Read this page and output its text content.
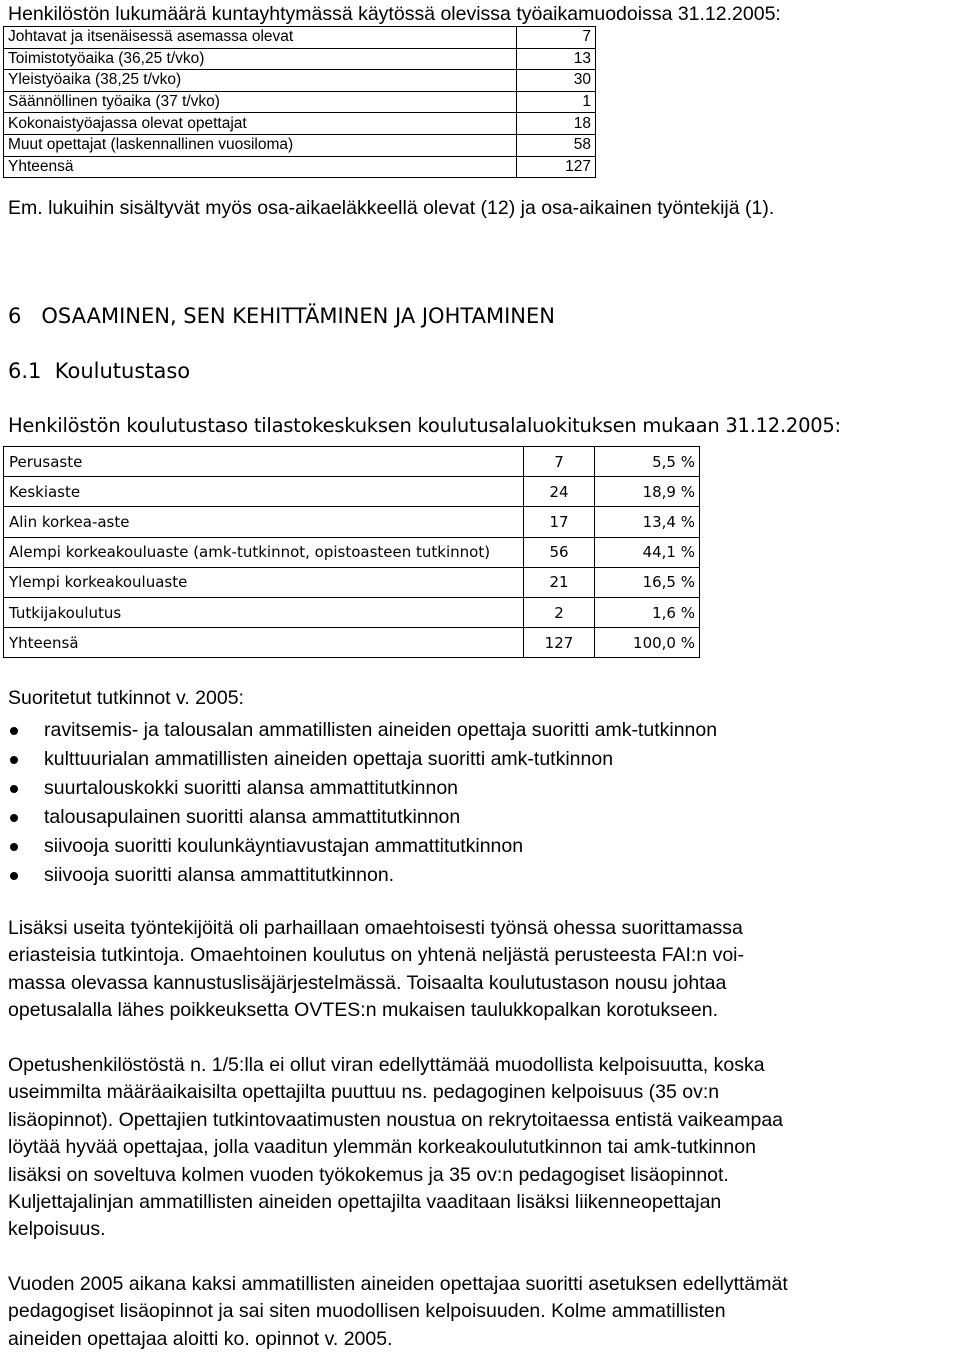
Henkilöstön lukumäärä kuntayhtymässä käytössä olevissa työaikamuodoissa 31.12.2005:

Johtavat ja itsenäisessä asemassa olevat	7
Toimistotyöaika (36,25 t/vko)	13
Yleistyöaika (38,25 t/vko)	30
Säännöllinen työaika (37 t/vko)	1
Kokonaistyöajassa olevat opettajat	18
Muut opettajat (laskennallinen vuosiloma)	58
Yhteensä	127

Em. lukuihin sisältyvät myös osa-aikaeläkkeellä olevat (12) ja osa-aikainen työntekijä (1).

6   OSAAMINEN, SEN KEHITTÄMINEN JA JOHTAMINEN

6.1  Koulutustaso

Henkilöstön koulutustaso tilastokeskuksen koulutusalaluokituksen mukaan 31.12.2005:

Perusaste	7	5,5 %
Keskiaste	24	18,9 %
Alin korkea-aste	17	13,4 %
Alempi korkeakouluaste (amk-tutkinnot, opistoasteen tutkinnot)	56	44,1 %
Ylempi korkeakouluaste	21	16,5 %
Tutkijakoulutus	2	1,6 %
Yhteensä	127	100,0 %

Suoritetut tutkinnot v. 2005:

ravitsemis- ja talousalan ammatillisten aineiden opettaja suoritti amk-tutkinnon
kulttuurialan ammatillisten aineiden opettaja suoritti amk-tutkinnon
suurtalouskokki suoritti alansa ammattitutkinnon
talousapulainen suoritti alansa ammattitutkinnon
siivooja suoritti koulunkäyntiavustajan ammattitutkinnon
siivooja suoritti alansa ammattitutkinnon.
Lisäksi useita työntekijöitä oli parhaillaan omaehtoisesti työnsä ohessa suorittamassa
eriasteisia tutkintoja. Omaehtoinen koulutus on yhtenä neljästä perusteesta FAI:n voi-
massa olevassa kannustuslisäjärjestelmässä. Toisaalta koulutustason nousu johtaa
opetusalalla lähes poikkeuksetta OVTES:n mukaisen taulukkopalkan korotukseen.
Opetushenkilöstöstä n. 1/5:lla ei ollut viran edellyttämää muodollista kelpoisuutta, koska
useimmilta määräaikaisilta opettajilta puuttuu ns. pedagoginen kelpoisuus (35 ov:n
lisäopinnot). Opettajien tutkintovaatimusten noustua on rekrytoitaessa entistä vaikeampaa
löytää hyvää opettajaa, jolla vaaditun ylemmän korkeakoulututkinnon tai amk-tutkinnon
lisäksi on soveltuva kolmen vuoden työkokemus ja 35 ov:n pedagogiset lisäopinnot.
Kuljettajalinjan ammatillisten aineiden opettajilta vaaditaan lisäksi liikenneopettajan
kelpoisuus.
Vuoden 2005 aikana kaksi ammatillisten aineiden opettajaa suoritti asetuksen edellyttämät
pedagogiset lisäopinnot ja sai siten muodollisen kelpoisuuden. Kolme ammatillisten
aineiden opettajaa aloitti ko. opinnot v. 2005.
